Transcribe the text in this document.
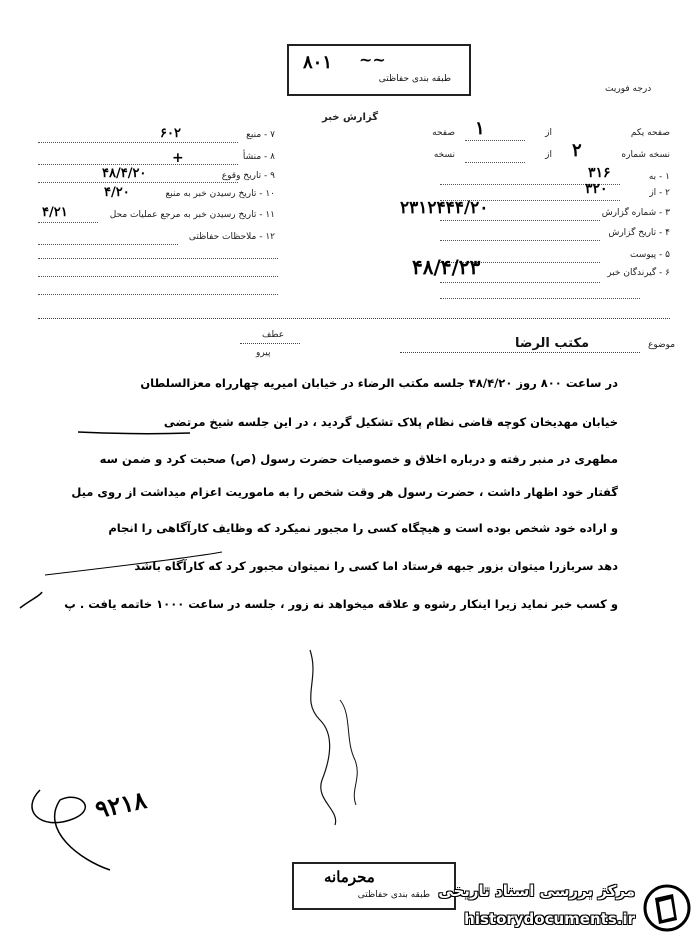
۸۰۱ ~~
طبقه بندی حفاظتی
درجه فوریت
گزارش خبر
صفحه یکم
از
صفحه ۱
نسخه شماره
از
نسخه	۲
۱ - به
۳۱۶
۲ - از
۳۲۰
۳ - شماره گزارش
۲۳۱۲۴۴۴/۲۰
۴ - تاریخ گزارش
۵ - پیوست
۶ - گیرندگان خبر
۴۸/۴/۲۳
۷ - منبع
۶۰۲
۸ - منشأ
+
۹ - تاریخ وقوع
۴۸/۴/۲۰
۱۰ - تاریخ رسیدن خبر به منبع
۴/۲۰
۱۱ - تاریخ رسیدن خبر به مرجع عملیات محل
۴/۲۱
۱۲ - ملاحظات حفاظتی
عطف
پیرو
موضوع
مکتب الرضا
در ساعت ۸۰۰ روز ۴۸/۴/۲۰ جلسه مکتب الرضاء در خیابان امیریه چهارراه معزالسلطان
خیابان مهدیخان کوچه قاضی نظام پلاک تشکیل گردید ، در این جلسه شیخ مرتضی
مطهری در منبر رفته و درباره اخلاق و خصوصیات حضرت رسول (ص) صحبت کرد و ضمن سه
گفتار خود اظهار داشت ، حضرت رسول هر وقت شخص را به ماموریت اعزام میداشت از روی میل
و اراده خود شخص بوده است و هیچگاه کسی را مجبور نمیکرد که وظایف کارآگاهی را انجام
دهد سربازرا میتوان بزور جبهه فرستاد اما کسی را نمیتوان مجبور کرد که کارآگاه باشد
و کسب خبر نماید زیرا اینکار رشوه و علاقه میخواهد نه زور ، جلسه در ساعت ۱۰۰۰ خاتمه یافت . پ
۹۲۱۸
محرمانه
طبقه بندی حفاظتی مرکز بررسی اسناد تاریخی
historydocuments.ir
